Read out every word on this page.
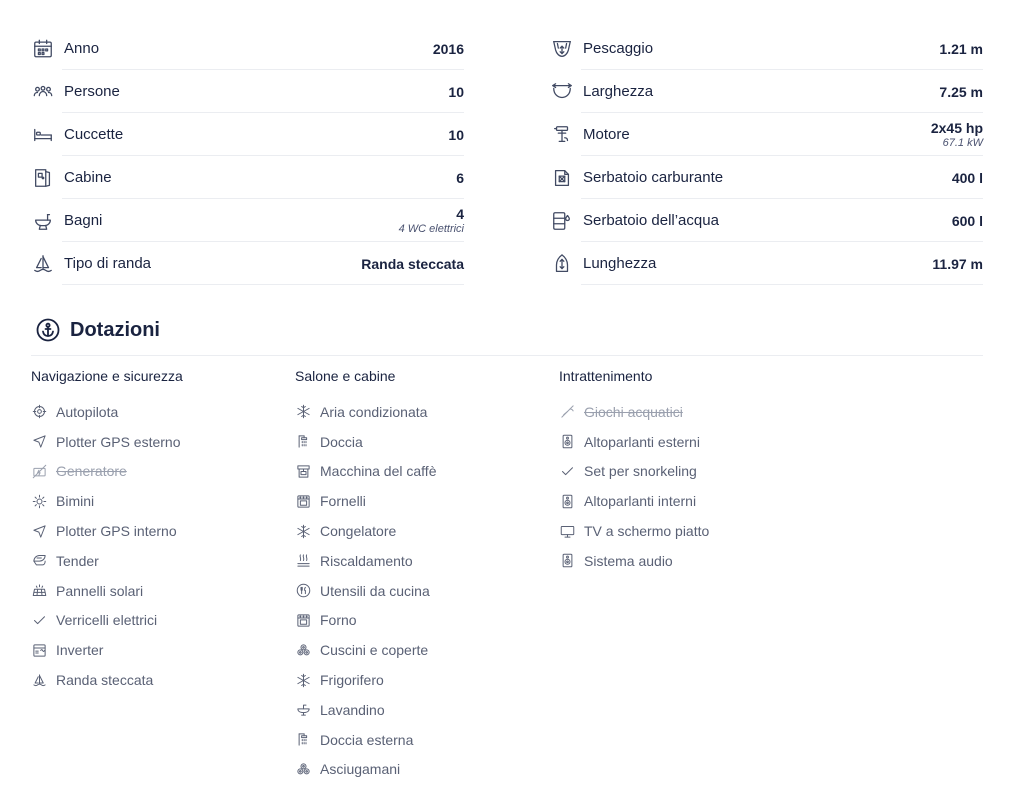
Anno	2016
Persone	10
Cuccette	10
Cabine	6
Bagni	4
4 WC elettrici
Tipo di randa	Randa steccata
Pescaggio	1.21 m
Larghezza	7.25 m
Motore	2x45 hp
67.1 kW
Serbatoio carburante	400 l
Serbatoio dell’acqua	600 l
Lunghezza	11.97 m
Dotazioni
Navigazione e sicurezza
Autopilota
Plotter GPS esterno
Generatore
Bimini
Plotter GPS interno
Tender
Pannelli solari
Verricelli elettrici
Inverter
Randa steccata
Salone e cabine
Aria condizionata
Doccia
Macchina del caffè
Fornelli
Congelatore
Riscaldamento
Utensili da cucina
Forno
Cuscini e coperte
Frigorifero
Lavandino
Doccia esterna
Asciugamani
Intrattenimento
Giochi acquatici
Altoparlanti esterni
Set per snorkeling
Altoparlanti interni
TV a schermo piatto
Sistema audio
